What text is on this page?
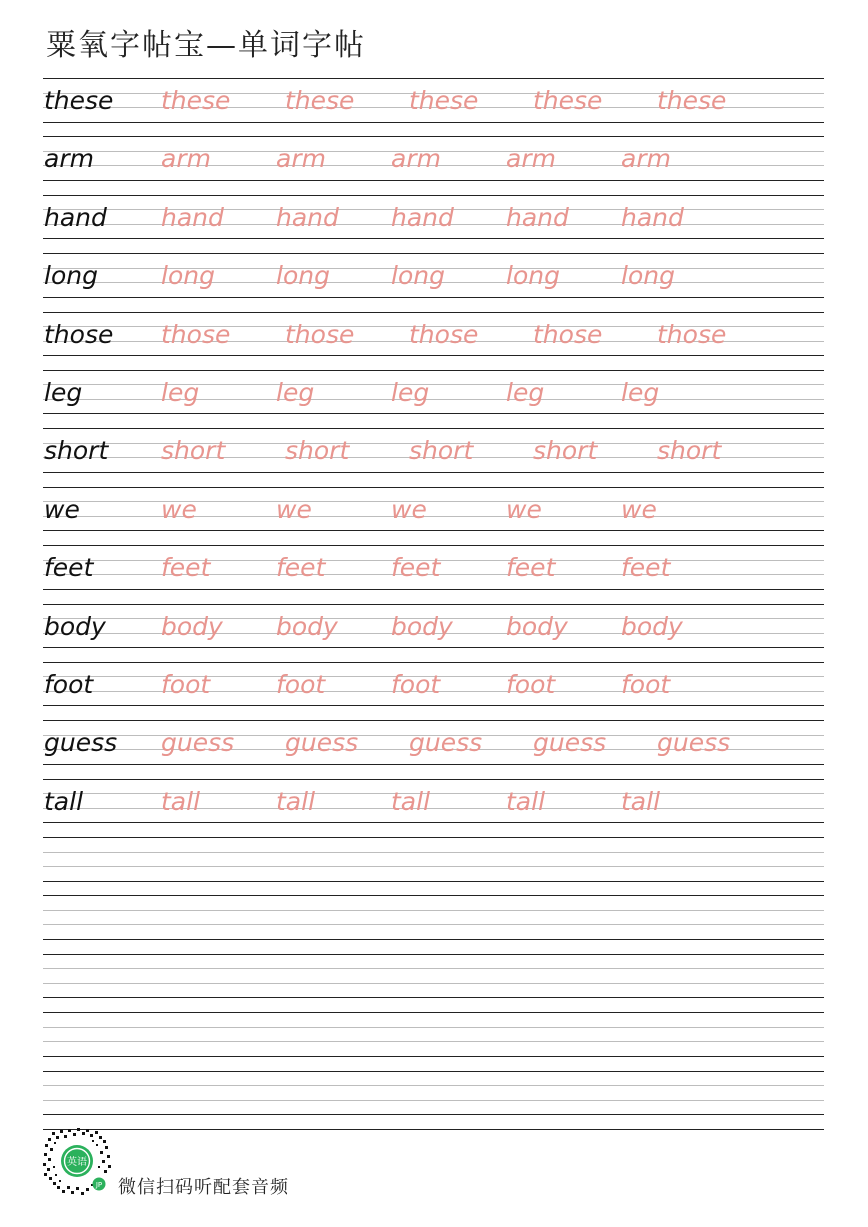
粟氧字帖宝—单词字帖
these these these these these these
arm	arm	arm	arm	arm	arm
hand hand hand hand hand hand
long	long long long long long
those those those those those those
leg	leg	leg	leg	leg	leg
short short short short short short
we	we	we	we	we	we
feet	feet	feet	feet	feet	feet
body body body body body body
foot	foot	foot	foot	foot	foot
guess guess guess guess guess guess
tall	tall	tall	tall	tall	tall
英语
JP 微信扫码听配套音频
